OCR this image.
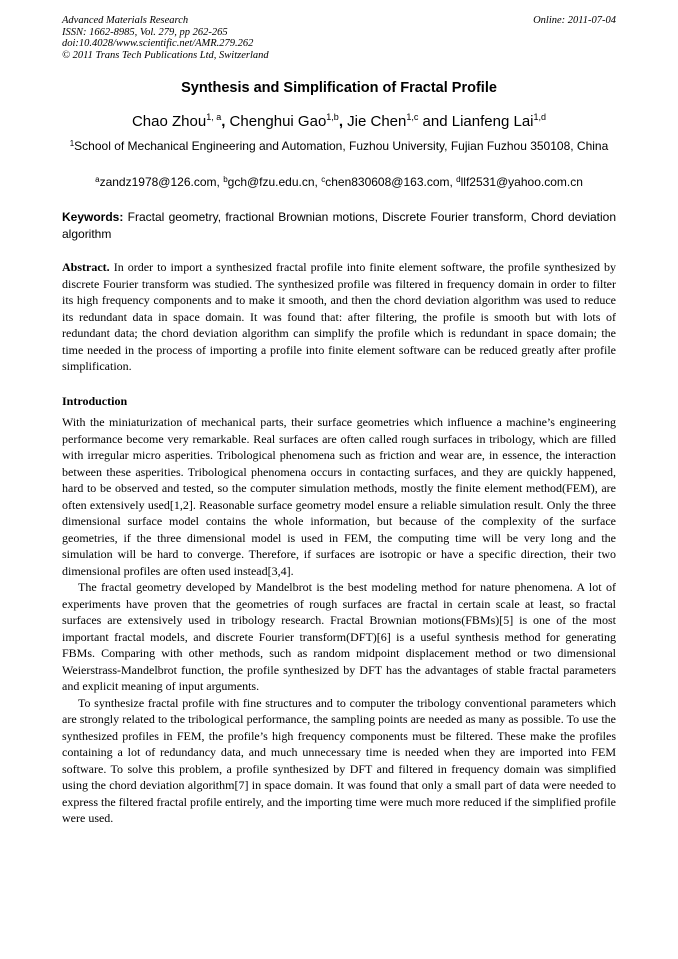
Advanced Materials Research
ISSN: 1662-8985, Vol. 279, pp 262-265
doi:10.4028/www.scientific.net/AMR.279.262
© 2011 Trans Tech Publications Ltd, Switzerland
Online: 2011-07-04
Synthesis and Simplification of Fractal Profile
Chao Zhou$^{1, a}$, Chenghui Gao$^{1,b}$, Jie Chen$^{1,c}$ and Lianfeng Lai$^{1,d}$
$^1$School of Mechanical Engineering and Automation, Fuzhou University, Fujian Fuzhou 350108, China
$^a$zandz1978@126.com, $^b$gch@fzu.edu.cn, $^c$chen830608@163.com, $^d$llf2531@yahoo.com.cn
Keywords: Fractal geometry, fractional Brownian motions, Discrete Fourier transform, Chord deviation algorithm

Abstract. In order to import a synthesized fractal profile into finite element software, the profile synthesized by discrete Fourier transform was studied. The synthesized profile was filtered in frequency domain in order to filter its high frequency components and to make it smooth, and then the chord deviation algorithm was used to reduce its redundant data in space domain. It was found that: after filtering, the profile is smooth but with lots of redundant data; the chord deviation algorithm can simplify the profile which is redundant in space domain; the time needed in the process of importing a profile into finite element software can be reduced greatly after profile simplification.

Introduction

With the miniaturization of mechanical parts, their surface geometries which influence a machine’s engineering performance become very remarkable. Real surfaces are often called rough surfaces in tribology, which are filled with irregular micro asperities. Tribological phenomena such as friction and wear are, in essence, the interaction between these asperities. Tribological phenomena occurs in contacting surfaces, and they are quickly happened, hard to be observed and tested, so the computer simulation methods, mostly the finite element method(FEM), are often extensively used[1,2]. Reasonable surface geometry model ensure a reliable simulation result. Only the three dimensional surface model contains the whole information, but because of the complexity of the surface geometries, if the three dimensional model is used in FEM, the computing time will be very long and the simulation will be hard to converge. Therefore, if surfaces are isotropic or have a specific direction, their two dimensional profiles are often used instead[3,4].

The fractal geometry developed by Mandelbrot is the best modeling method for nature phenomena. A lot of experiments have proven that the geometries of rough surfaces are fractal in certain scale at least, so fractal surfaces are extensively used in tribology research. Fractal Brownian motions(FBMs)[5] is one of the most important fractal models, and discrete Fourier transform(DFT)[6] is a useful synthesis method for generating FBMs. Comparing with other methods, such as random midpoint displacement method or two dimensional Weierstrass-Mandelbrot function, the profile synthesized by DFT has the advantages of stable fractal parameters and explicit meaning of input arguments.

To synthesize fractal profile with fine structures and to computer the tribology conventional parameters which are strongly related to the tribological performance, the sampling points are needed as many as possible. To use the synthesized profiles in FEM, the profile’s high frequency components must be filtered. These make the profiles containing a lot of redundancy data, and much unnecessary time is needed when they are imported into FEM software. To solve this problem, a profile synthesized by DFT and filtered in frequency domain was simplified using the chord deviation algorithm[7] in space domain. It was found that only a small part of data were needed to express the filtered fractal profile entirely, and the importing time were much more reduced if the simplified profile were used.
